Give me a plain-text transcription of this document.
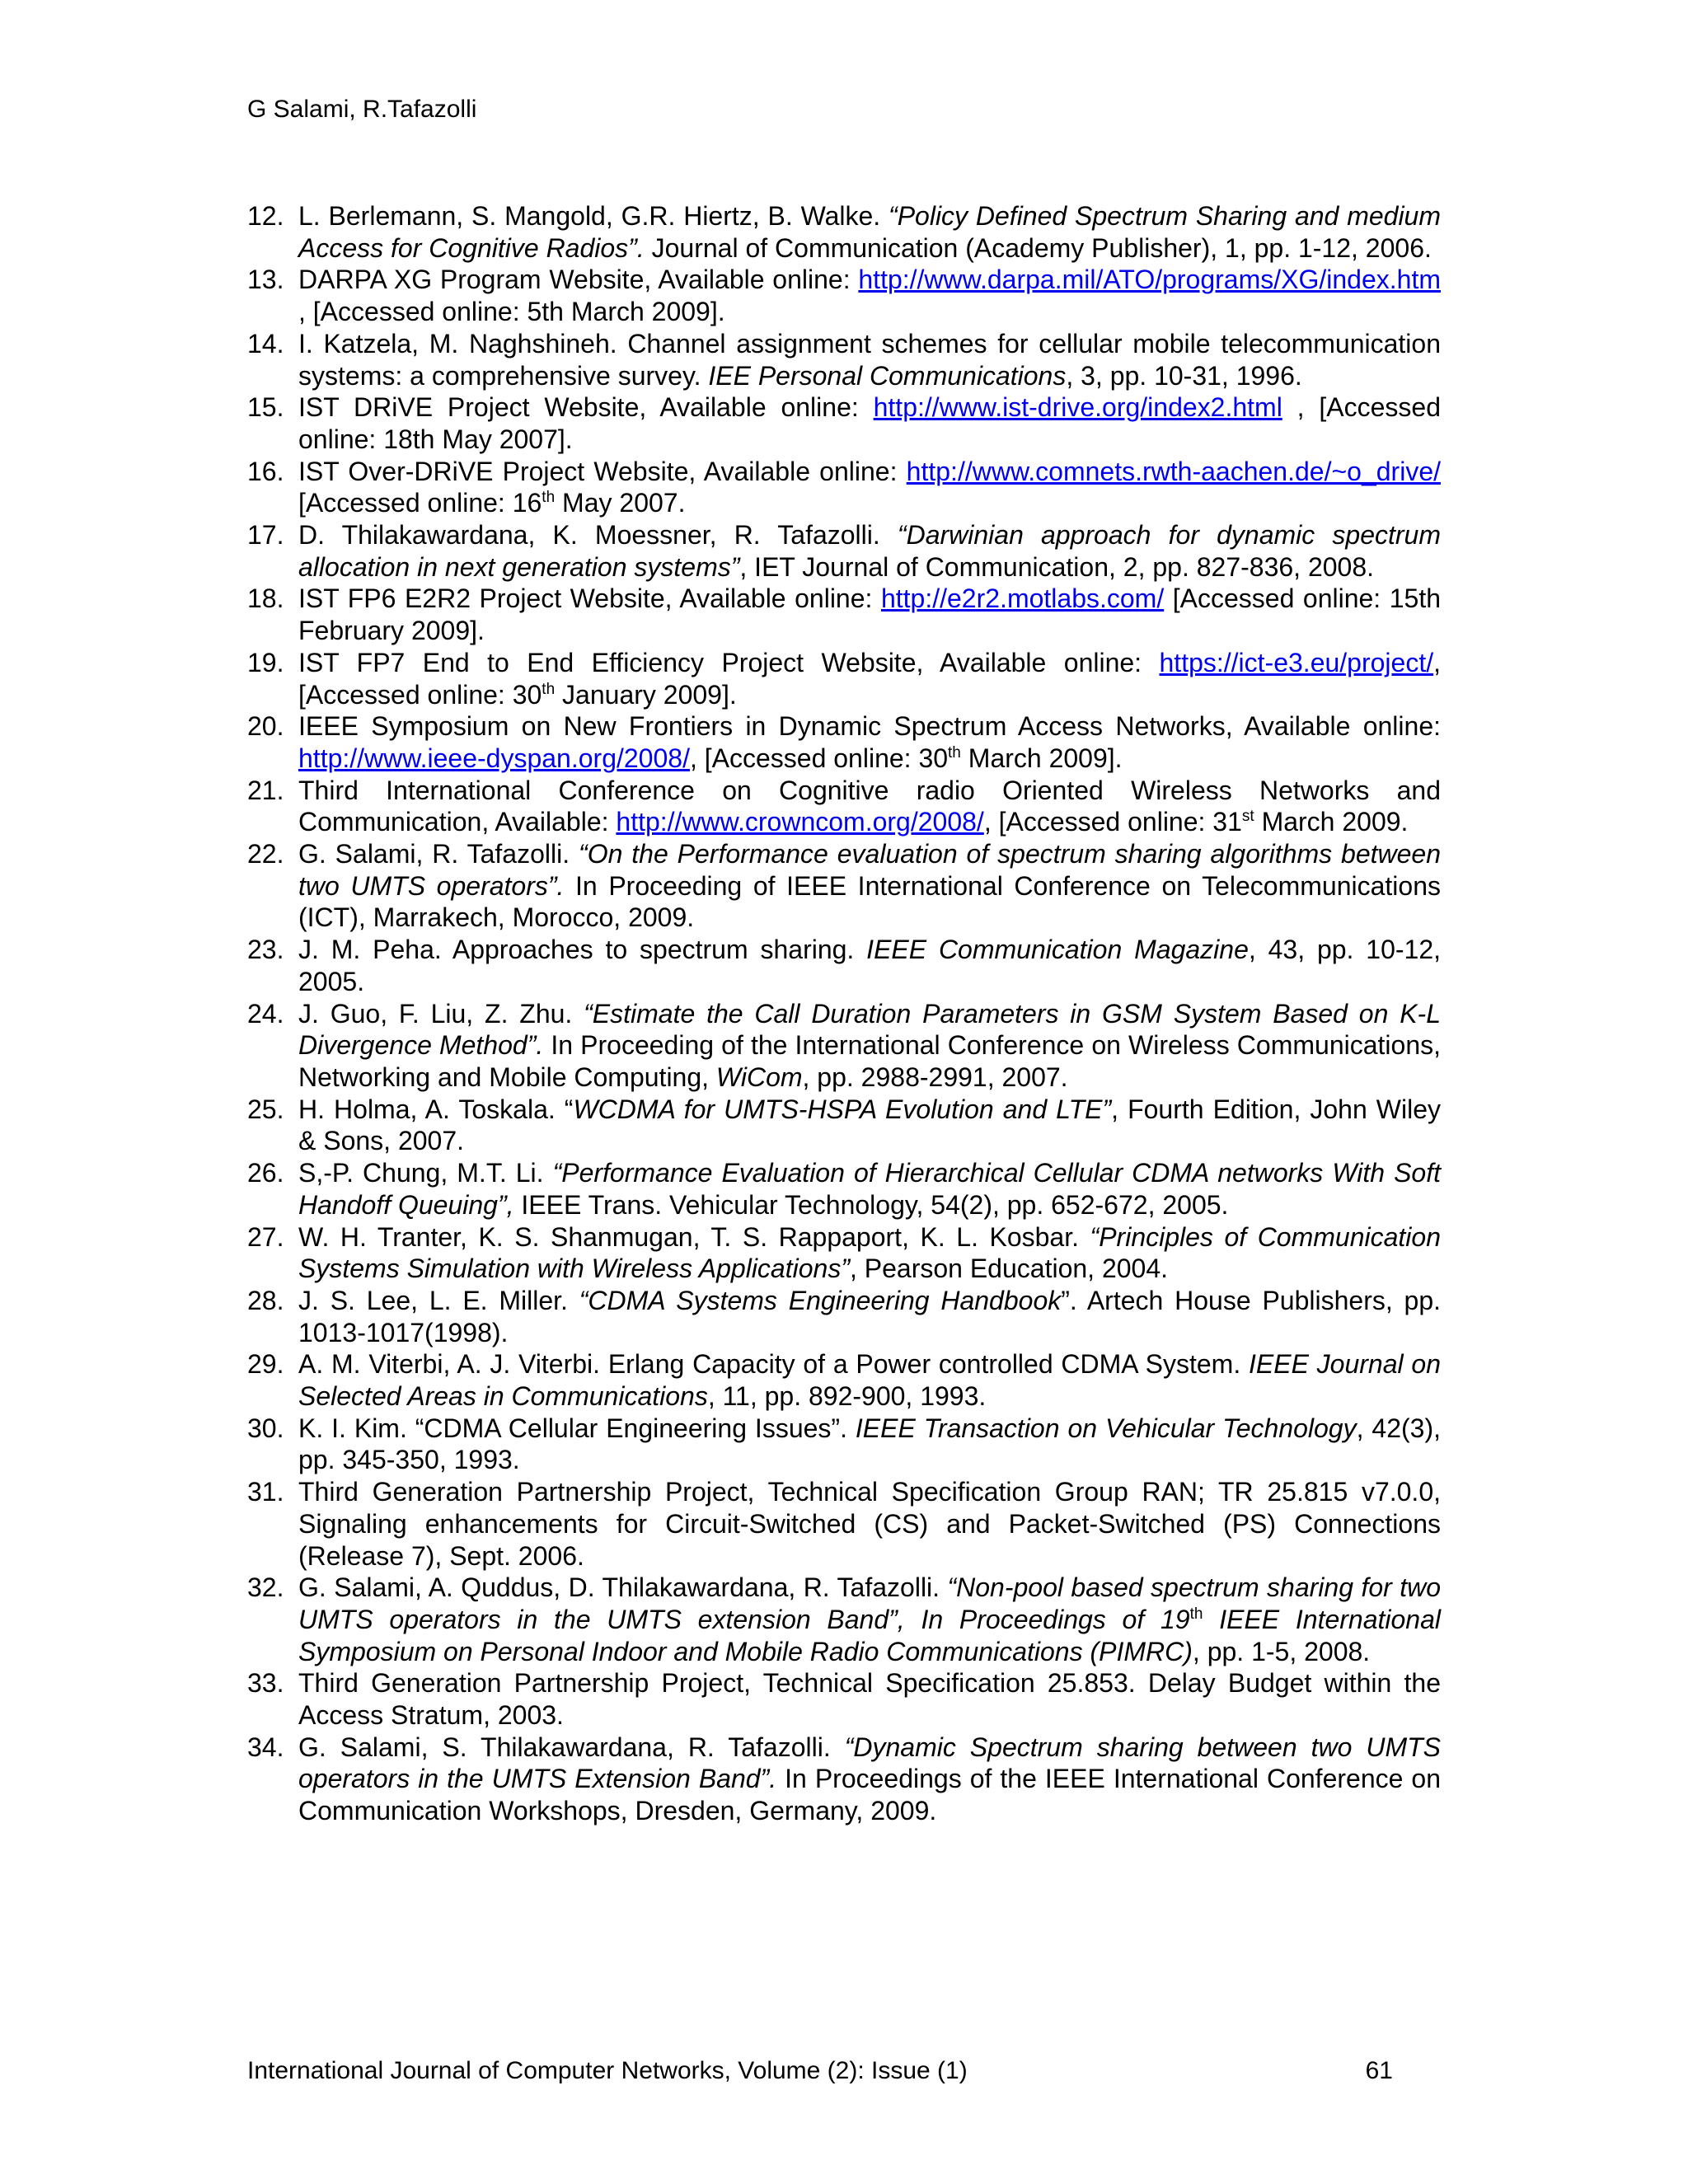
G Salami, R.Tafazolli
12. L. Berlemann, S. Mangold, G.R. Hiertz, B. Walke. “Policy Defined Spectrum Sharing and medium Access for Cognitive Radios”. Journal of Communication (Academy Publisher), 1, pp. 1-12, 2006.
13. DARPA XG Program Website, Available online: http://www.darpa.mil/ATO/programs/XG/index.htm , [Accessed online: 5th March 2009].
14. I. Katzela, M. Naghshineh. Channel assignment schemes for cellular mobile telecommunication systems: a comprehensive survey. IEE Personal Communications, 3, pp. 10-31, 1996.
15. IST DRiVE Project Website, Available online: http://www.ist-drive.org/index2.html , [Accessed online: 18th May 2007].
16. IST Over-DRiVE Project Website, Available online: http://www.comnets.rwth-aachen.de/~o_drive/ [Accessed online: 16th May 2007.
17. D. Thilakawardana, K. Moessner, R. Tafazolli. “Darwinian approach for dynamic spectrum allocation in next generation systems”, IET Journal of Communication, 2, pp. 827-836, 2008.
18. IST FP6 E2R2 Project Website, Available online: http://e2r2.motlabs.com/ [Accessed online: 15th February 2009].
19. IST FP7 End to End Efficiency Project Website, Available online: https://ict-e3.eu/project/, [Accessed online: 30th January 2009].
20. IEEE Symposium on New Frontiers in Dynamic Spectrum Access Networks, Available online: http://www.ieee-dyspan.org/2008/, [Accessed online: 30th March 2009].
21. Third International Conference on Cognitive radio Oriented Wireless Networks and Communication, Available: http://www.crowncom.org/2008/, [Accessed online: 31st March 2009.
22. G. Salami, R. Tafazolli. “On the Performance evaluation of spectrum sharing algorithms between two UMTS operators”. In Proceeding of IEEE International Conference on Telecommunications (ICT), Marrakech, Morocco, 2009.
23. J. M. Peha. Approaches to spectrum sharing. IEEE Communication Magazine, 43, pp. 10-12, 2005.
24. J. Guo, F. Liu, Z. Zhu. “Estimate the Call Duration Parameters in GSM System Based on K-L Divergence Method”. In Proceeding of the International Conference on Wireless Communications, Networking and Mobile Computing, WiCom, pp. 2988-2991, 2007.
25. H. Holma, A. Toskala. “WCDMA for UMTS-HSPA Evolution and LTE”, Fourth Edition, John Wiley & Sons, 2007.
26. S,-P. Chung, M.T. Li. “Performance Evaluation of Hierarchical Cellular CDMA networks With Soft Handoff Queuing”, IEEE Trans. Vehicular Technology, 54(2), pp. 652-672, 2005.
27. W. H. Tranter, K. S. Shanmugan, T. S. Rappaport, K. L. Kosbar. “Principles of Communication Systems Simulation with Wireless Applications”, Pearson Education, 2004.
28. J. S. Lee, L. E. Miller. “CDMA Systems Engineering Handbook”. Artech House Publishers, pp. 1013-1017(1998).
29. A. M. Viterbi, A. J. Viterbi. Erlang Capacity of a Power controlled CDMA System. IEEE Journal on Selected Areas in Communications, 11, pp. 892-900, 1993.
30. K. I. Kim. “CDMA Cellular Engineering Issues”. IEEE Transaction on Vehicular Technology, 42(3), pp. 345-350, 1993.
31. Third Generation Partnership Project, Technical Specification Group RAN; TR 25.815 v7.0.0, Signaling enhancements for Circuit-Switched (CS) and Packet-Switched (PS) Connections (Release 7), Sept. 2006.
32. G. Salami, A. Quddus, D. Thilakawardana, R. Tafazolli. “Non-pool based spectrum sharing for two UMTS operators in the UMTS extension Band”, In Proceedings of 19th IEEE International Symposium on Personal Indoor and Mobile Radio Communications (PIMRC), pp. 1-5, 2008.
33. Third Generation Partnership Project, Technical Specification 25.853. Delay Budget within the Access Stratum, 2003.
34. G. Salami, S. Thilakawardana, R. Tafazolli. “Dynamic Spectrum sharing between two UMTS operators in the UMTS Extension Band”. In Proceedings of the IEEE International Conference on Communication Workshops, Dresden, Germany, 2009.
International Journal of Computer Networks, Volume (2): Issue (1)	61
